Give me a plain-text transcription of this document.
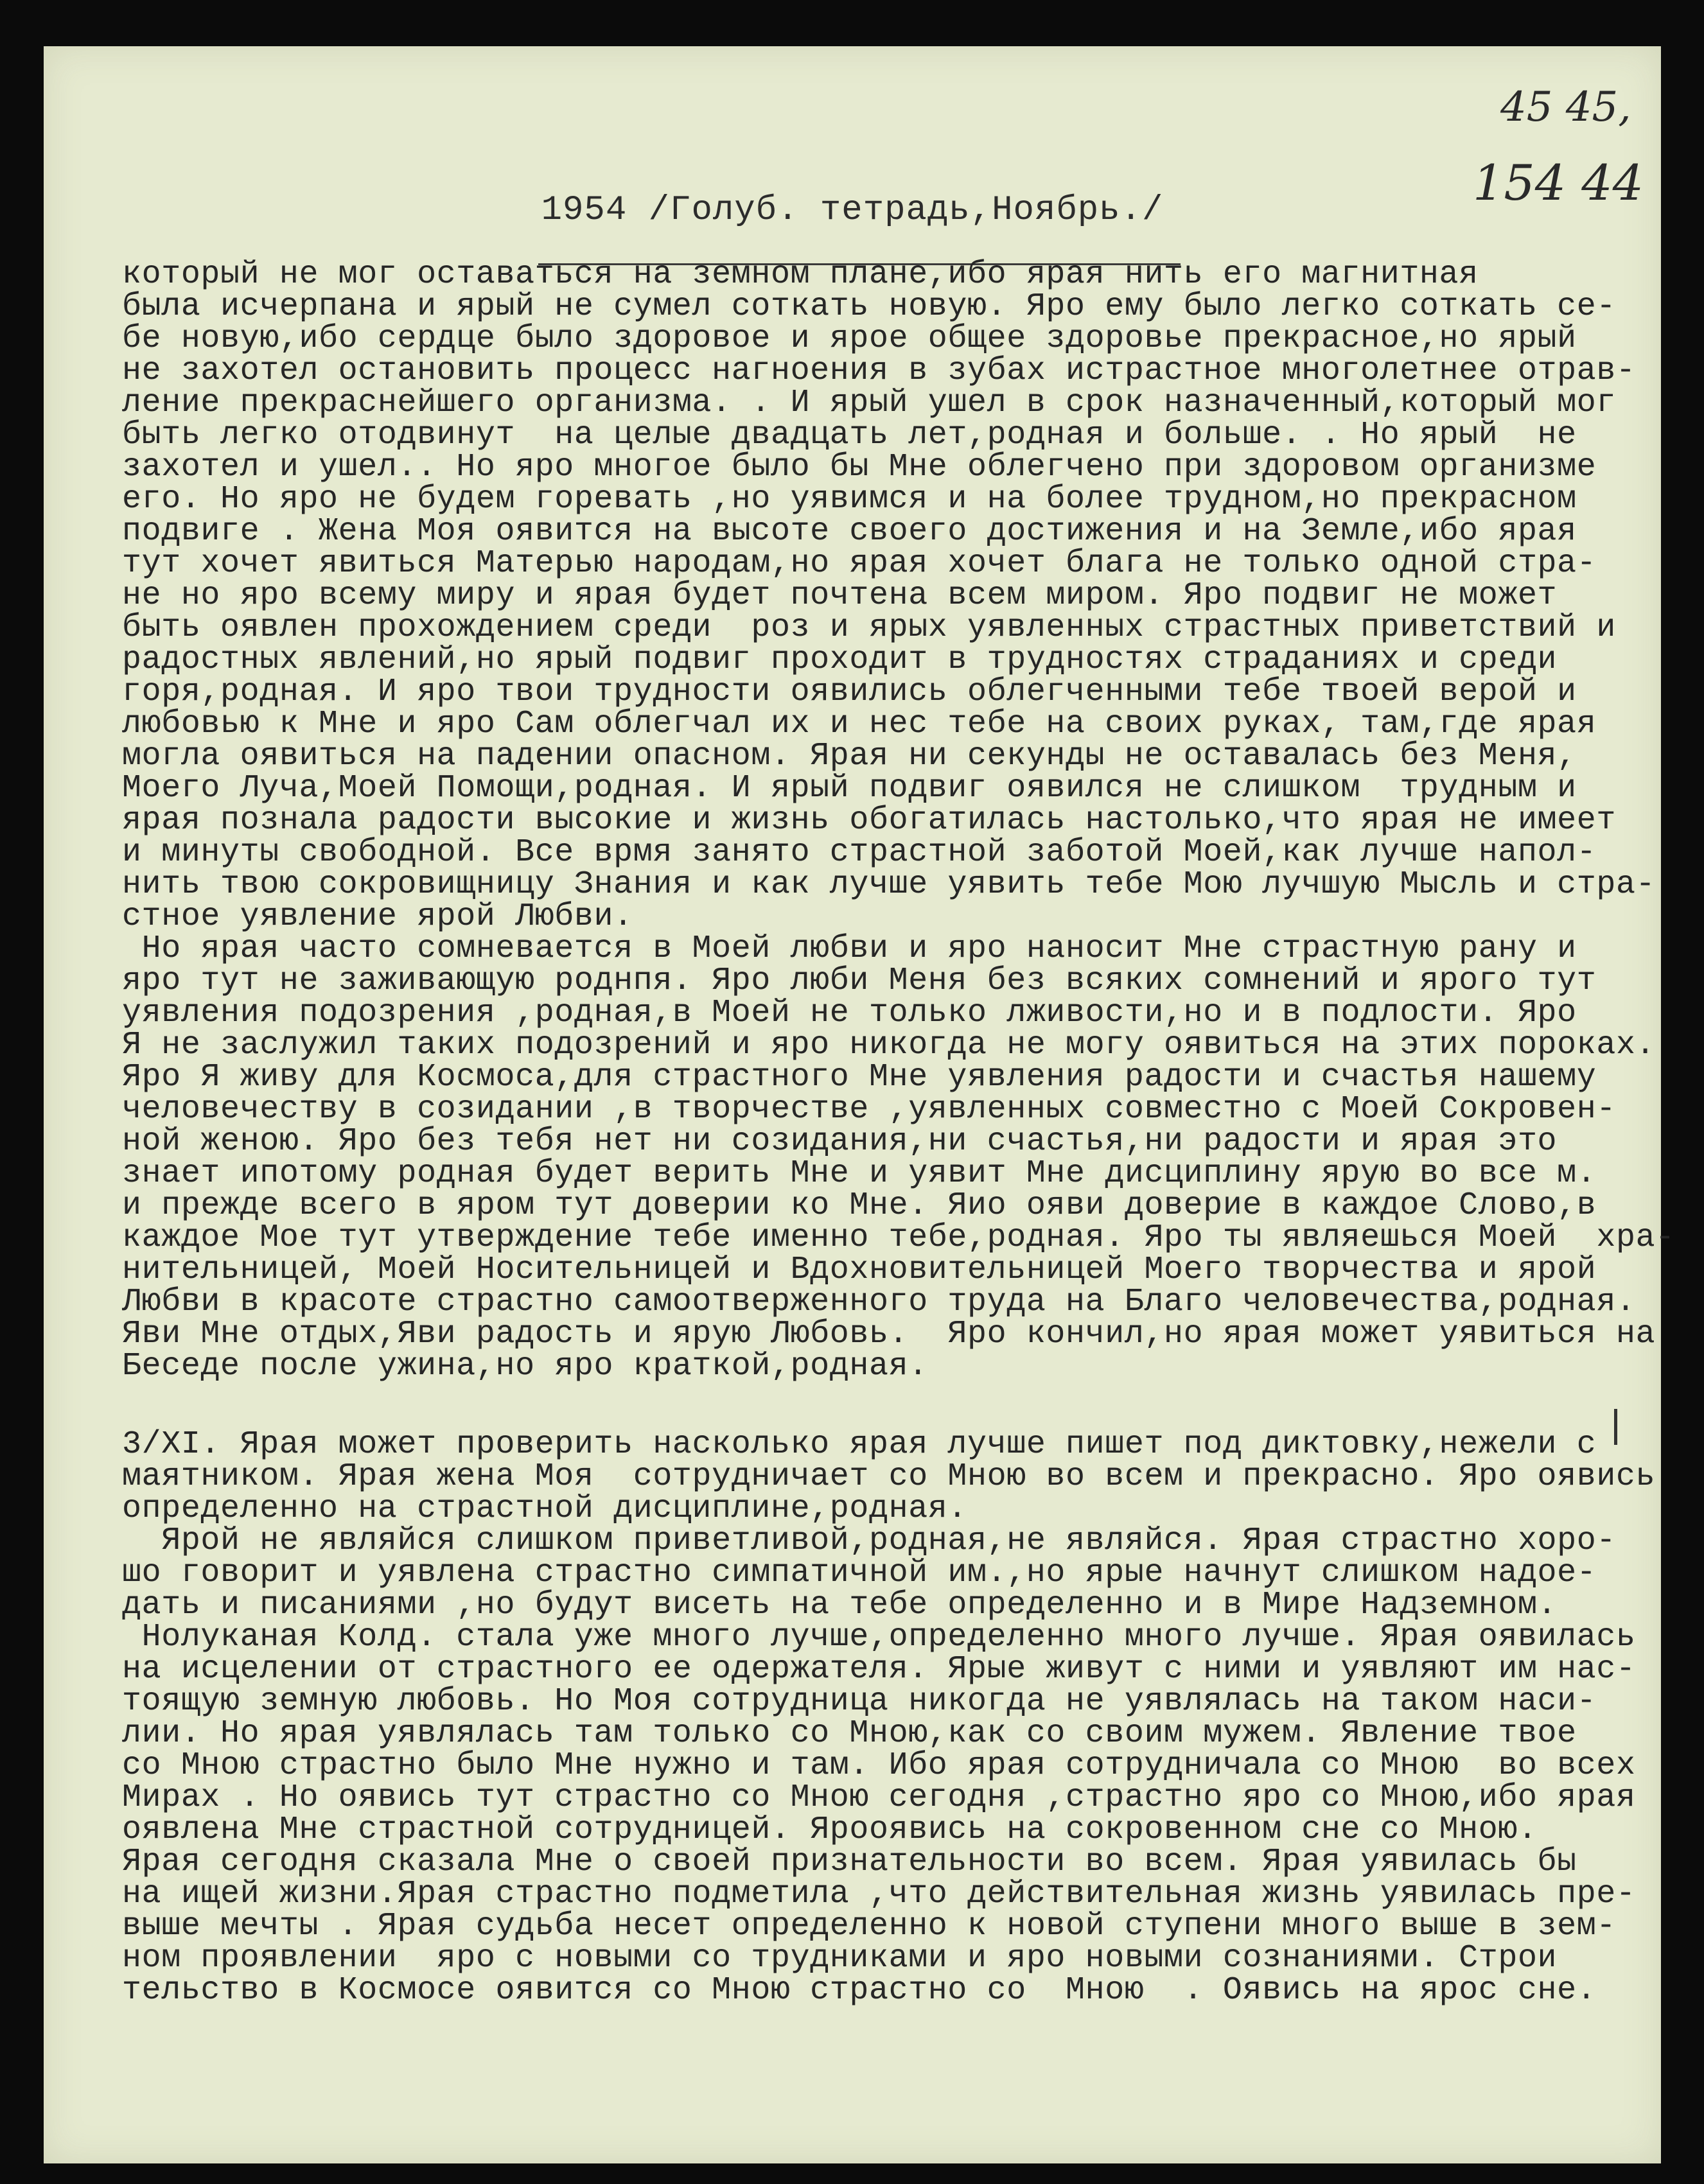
45 45,
154 44
1954 /Голуб. тетрадь,Ноябрь./
который не мог оставаться на земном плане,ибо ярая нить его магнитная
была исчерпана и ярый не сумел соткать новую. Яро ему было легко соткать се-
бе новую,ибо сердце было здоровое и ярое общее здоровье прекрасное,но ярый
не захотел остановить процесс нагноения в зубах истрастное многолетнее отрав-
ление прекраснейшего организма. . И ярый ушел в срок назначенный,который мог
быть легко отодвинут  на целые двадцать лет,родная и больше. . Но ярый  не
захотел и ушел.. Но яро многое было бы Мне облегчено при здоровом организме
его. Но яро не будем горевать ,но уявимся и на более трудном,но прекрасном
подвиге . Жена Моя оявится на высоте своего достижения и на Земле,ибо ярая
тут хочет явиться Матерью народам,но ярая хочет блага не только одной стра-
не но яро всему миру и ярая будет почтена всем миром. Яро подвиг не может
быть оявлен прохождением среди  роз и ярых уявленных страстных приветствий и
радостных явлений,но ярый подвиг проходит в трудностях страданиях и среди
горя,родная. И яро твои трудности оявились облегченными тебе твоей верой и
любовью к Мне и яро Сам облегчал их и нес тебе на своих руках, там,где ярая
могла оявиться на падении опасном. Ярая ни секунды не оставалась без Меня,
Моего Луча,Моей Помощи,родная. И ярый подвиг оявился не слишком  трудным и
ярая познала радости высокие и жизнь обогатилась настолько,что ярая не имеет
и минуты свободной. Все врмя занято страстной заботой Моей,как лучше напол-
нить твою сокровищницу Знания и как лучше уявить тебе Мою лучшую Мысль и стра-
стное уявление ярой Любви.
Но ярая часто сомневается в Моей любви и яро наносит Мне страстную рану и
яро тут не заживающую роднпя. Яро люби Меня без всяких сомнений и ярого тут
уявления подозрения ,родная,в Моей не только лживости,но и в подлости. Яро
Я не заслужил таких подозрений и яро никогда не могу оявиться на этих пороках.
Яро Я живу для Космоса,для страстного Мне уявления радости и счастья нашему
человечеству в созидании ,в творчестве ,уявленных совместно с Моей Сокровен-
ной женою. Яро без тебя нет ни созидания,ни счастья,ни радости и ярая это
знает ипотому родная будет верить Мне и уявит Мне дисциплину ярую во все м.
и прежде всего в яром тут доверии ко Мне. Яио ояви доверие в каждое Слово,в
каждое Мое тут утверждение тебе именно тебе,родная. Яро ты являешься Моей  хра-
нительницей, Моей Носительницей и Вдохновительницей Моего творчества и ярой
Любви в красоте страстно самоотверженного труда на Благо человечества,родная.
Яви Мне отдых,Яви радость и ярую Любовь.  Яро кончил,но ярая может уявиться на
Беседе после ужина,но яро краткой,родная.
3/XI. Ярая может проверить насколько ярая лучше пишет под диктовку,нежели с
маятником. Ярая жена Моя  сотрудничает со Мною во всем и прекрасно. Яро оявись
определенно на страстной дисциплине,родная.
Ярой не являйся слишком приветливой,родная,не являйся. Ярая страстно хоро-
шо говорит и уявлена страстно симпатичной им.,но ярые начнут слишком надое-
дать и писаниями ,но будут висеть на тебе определенно и в Мире Надземном.
Нолуканая Колд. стала уже много лучше,определенно много лучше. Ярая оявилась
на исцелении от страстного ее одержателя. Ярые живут с ними и уявляют им нас-
тоящую земную любовь. Но Моя сотрудница никогда не уявлялась на таком наси-
лии. Но ярая уявлялась там только со Мною,как со своим мужем. Явление твое
со Мною страстно было Мне нужно и там. Ибо ярая сотрудничала со Мною  во всех
Мирах . Но оявись тут страстно со Мною сегодня ,страстно яро со Мною,ибо ярая
оявлена Мне страстной сотрудницей. Ярооявись на сокровенном сне со Мною.
Ярая сегодня сказала Мне о своей признательности во всем. Ярая уявилась бы
на ищей жизни.Ярая страстно подметила ,что действительная жизнь уявилась пре-
выше мечты . Ярая судьба несет определенно к новой ступени много выше в зем-
ном проявлении  яро с новыми со трудниками и яро новыми сознаниями. Строи
тельство в Космосе оявится со Мною страстно со  Мною  . Оявись на ярос сне.
